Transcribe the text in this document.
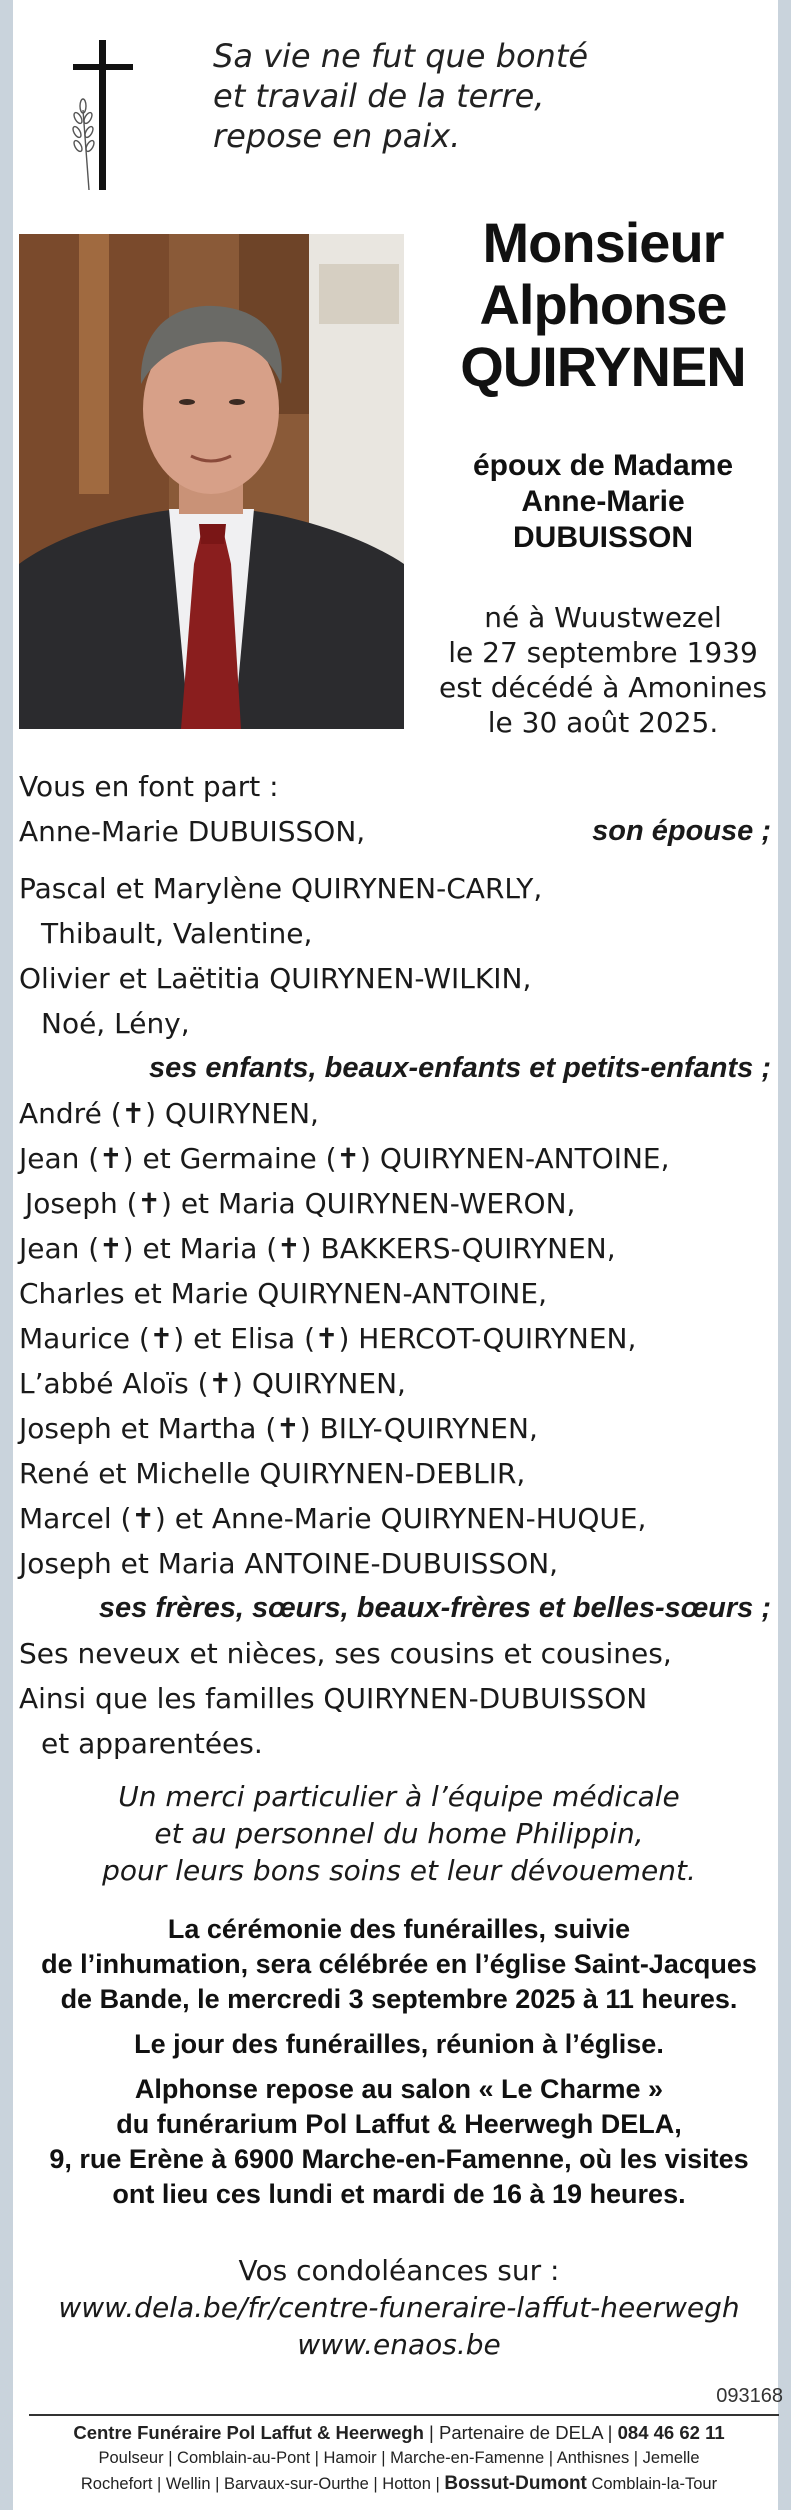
Sa vie ne fut que bonté
et travail de la terre,
repose en paix.
Monsieur
Alphonse
QUIRYNEN
époux de Madame
Anne-Marie
DUBUISSON
né à Wuustwezel
le 27 septembre 1939
est décédé à Amonines
le 30 août 2025.
Vous en font part :
Anne-Marie DUBUISSON,	son épouse ;
Pascal et Marylène QUIRYNEN-CARLY,
Thibault, Valentine,
Olivier et Laëtitia QUIRYNEN-WILKIN,
Noé, Lény,
ses enfants, beaux-enfants et petits-enfants ;
André (✝) QUIRYNEN,
Jean (✝) et Germaine (✝) QUIRYNEN-ANTOINE,
Joseph (✝) et Maria QUIRYNEN-WERON,
Jean (✝) et Maria (✝) BAKKERS-QUIRYNEN,
Charles et Marie QUIRYNEN-ANTOINE,
Maurice (✝) et Elisa (✝) HERCOT-QUIRYNEN,
L’abbé Aloïs (✝) QUIRYNEN,
Joseph et Martha (✝) BILY-QUIRYNEN,
René et Michelle QUIRYNEN-DEBLIR,
Marcel (✝) et Anne-Marie QUIRYNEN-HUQUE,
Joseph et Maria ANTOINE-DUBUISSON,
ses frères, sœurs, beaux-frères et belles-sœurs ;
Ses neveux et nièces, ses cousins et cousines,
Ainsi que les familles QUIRYNEN-DUBUISSON
et apparentées.
Un merci particulier à l’équipe médicale
et au personnel du home Philippin,
pour leurs bons soins et leur dévouement.

La cérémonie des funérailles, suivie
de l’inhumation, sera célébrée en l’église Saint-Jacques
de Bande, le mercredi 3 septembre 2025 à 11 heures.

Le jour des funérailles, réunion à l’église.

Alphonse repose au salon « Le Charme »
du funérarium Pol Laffut & Heerwegh DELA,
9, rue Erène à 6900 Marche-en-Famenne, où les visites
ont lieu ces lundi et mardi de 16 à 19 heures.

Vos condoléances sur :
www.dela.be/fr/centre-funeraire-laffut-heerwegh
www.enaos.be
093168
Centre Funéraire Pol Laffut & Heerwegh | Partenaire de DELA | 084 46 62 11
Poulseur | Comblain-au-Pont | Hamoir | Marche-en-Famenne | Anthisnes | Jemelle
Rochefort | Wellin | Barvaux-sur-Ourthe | Hotton | Bossut-Dumont Comblain-la-Tour
